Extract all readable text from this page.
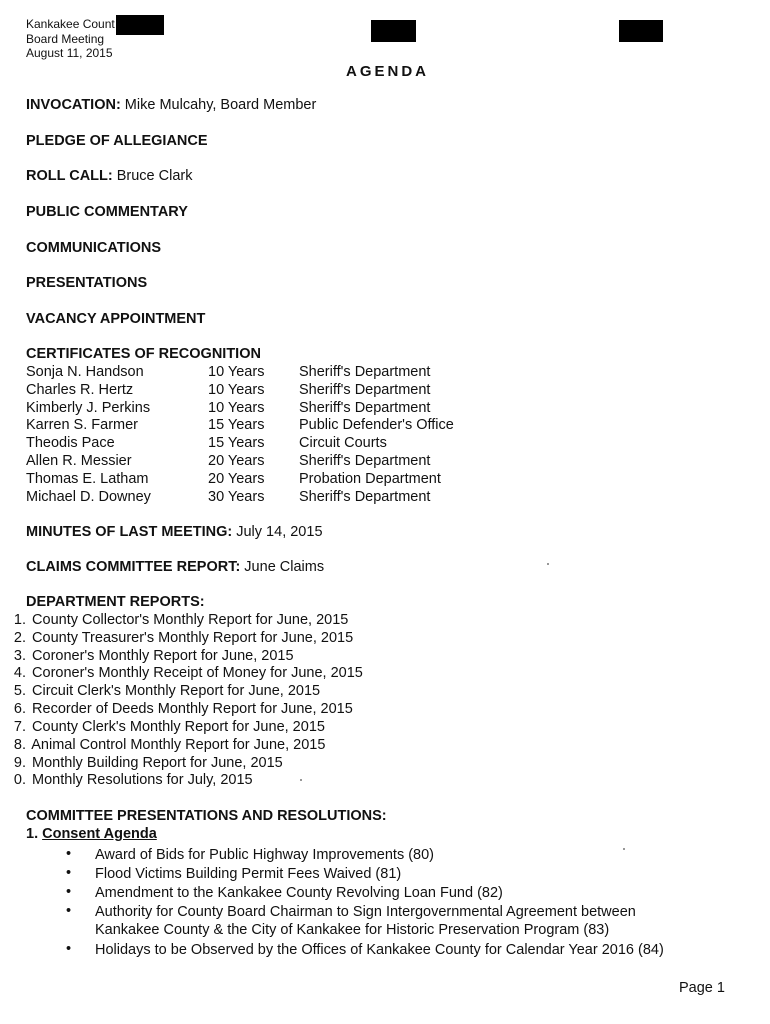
Kankakee Count
Board Meeting
August 11, 2015
AGENDA
INVOCATION: Mike Mulcahy, Board Member
PLEDGE OF ALLEGIANCE
ROLL CALL: Bruce Clark
PUBLIC COMMENTARY
COMMUNICATIONS
PRESENTATIONS
VACANCY APPOINTMENT
CERTIFICATES OF RECOGNITION
Sonja N. Handson	10 Years Sheriff's Department
Charles R. Hertz	10 Years Sheriff's Department
Kimberly J. Perkins	10 Years Sheriff's Department
Karren S. Farmer	15 Years Public Defender's Office
Theodis Pace	15 Years Circuit Courts
Allen R. Messier	20 Years Sheriff's Department
Thomas E. Latham	20 Years Probation Department
Michael D. Downey	30 Years Sheriff's Department
MINUTES OF LAST MEETING: July 14, 2015
CLAIMS COMMITTEE REPORT: June Claims
DEPARTMENT REPORTS:
1. County Collector's Monthly Report for June, 2015
2. County Treasurer's Monthly Report for June, 2015
3. Coroner's Monthly Report for June, 2015
4. Coroner's Monthly Receipt of Money for June, 2015
5. Circuit Clerk's Monthly Report for June, 2015
6. Recorder of Deeds Monthly Report for June, 2015
7. County Clerk's Monthly Report for June, 2015
8. Animal Control Monthly Report for June, 2015
9. Monthly Building Report for June, 2015
0. Monthly Resolutions for July, 2015
COMMITTEE PRESENTATIONS AND RESOLUTIONS:
1. Consent Agenda
• Award of Bids for Public Highway Improvements (80)
• Flood Victims Building Permit Fees Waived (81)
• Amendment to the Kankakee County Revolving Loan Fund (82)
• Authority for County Board Chairman to Sign Intergovernmental Agreement between
Kankakee County & the City of Kankakee for Historic Preservation Program (83)
• Holidays to be Observed by the Offices of Kankakee County for Calendar Year 2016 (84)
Page 1
